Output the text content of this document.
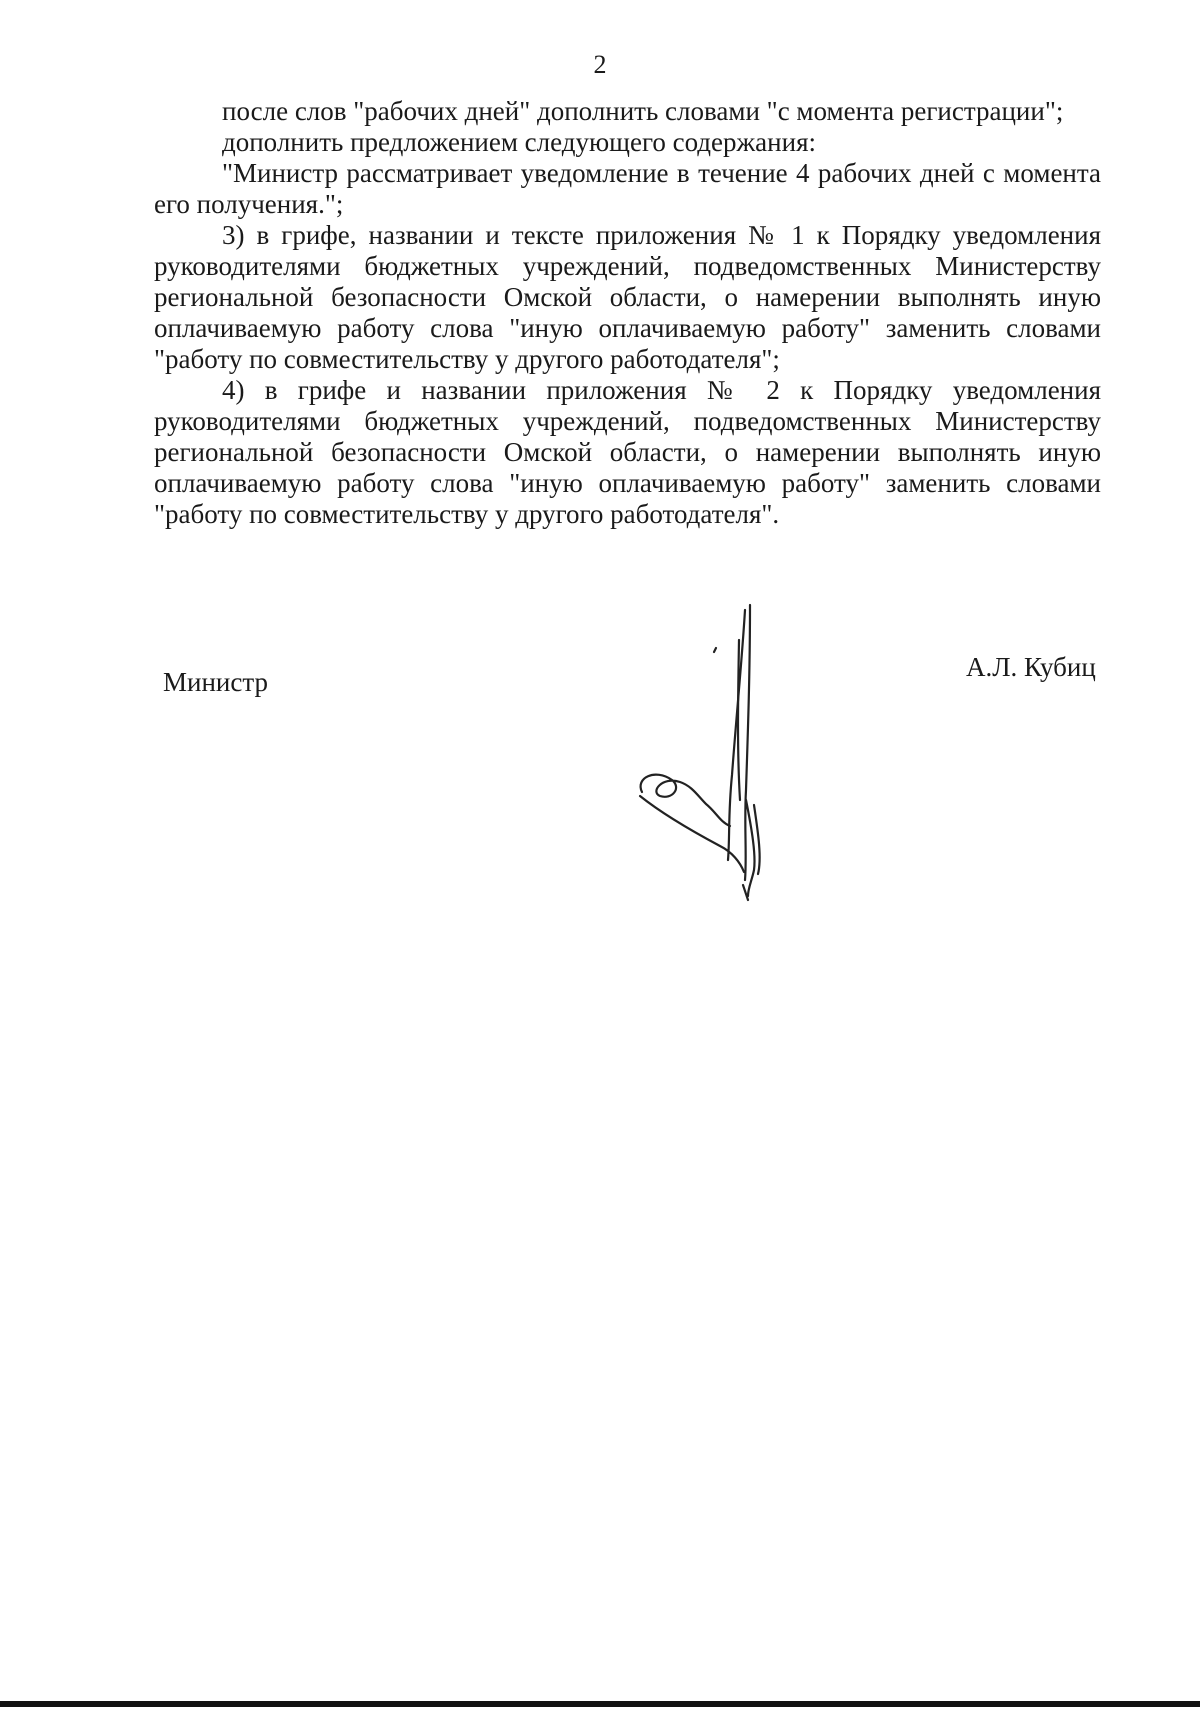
2

после слов "рабочих дней" дополнить словами "с момента регистрации";

дополнить предложением следующего содержания:

"Министр рассматривает уведомление в течение 4 рабочих дней с момента его получения.";

3) в грифе, названии и тексте приложения № 1 к Порядку уведомления руководителями бюджетных учреждений, подведомственных Министерству региональной безопасности Омской области, о намерении выполнять иную оплачиваемую работу слова "иную оплачиваемую работу" заменить словами "работу по совместительству у другого работодателя";

4) в грифе и названии приложения № 2 к Порядку уведомления руководителями бюджетных учреждений, подведомственных Министерству региональной безопасности Омской области, о намерении выполнять иную оплачиваемую работу слова "иную оплачиваемую работу" заменить словами "работу по совместительству у другого работодателя".

Министр	А.Л. Кубиц
